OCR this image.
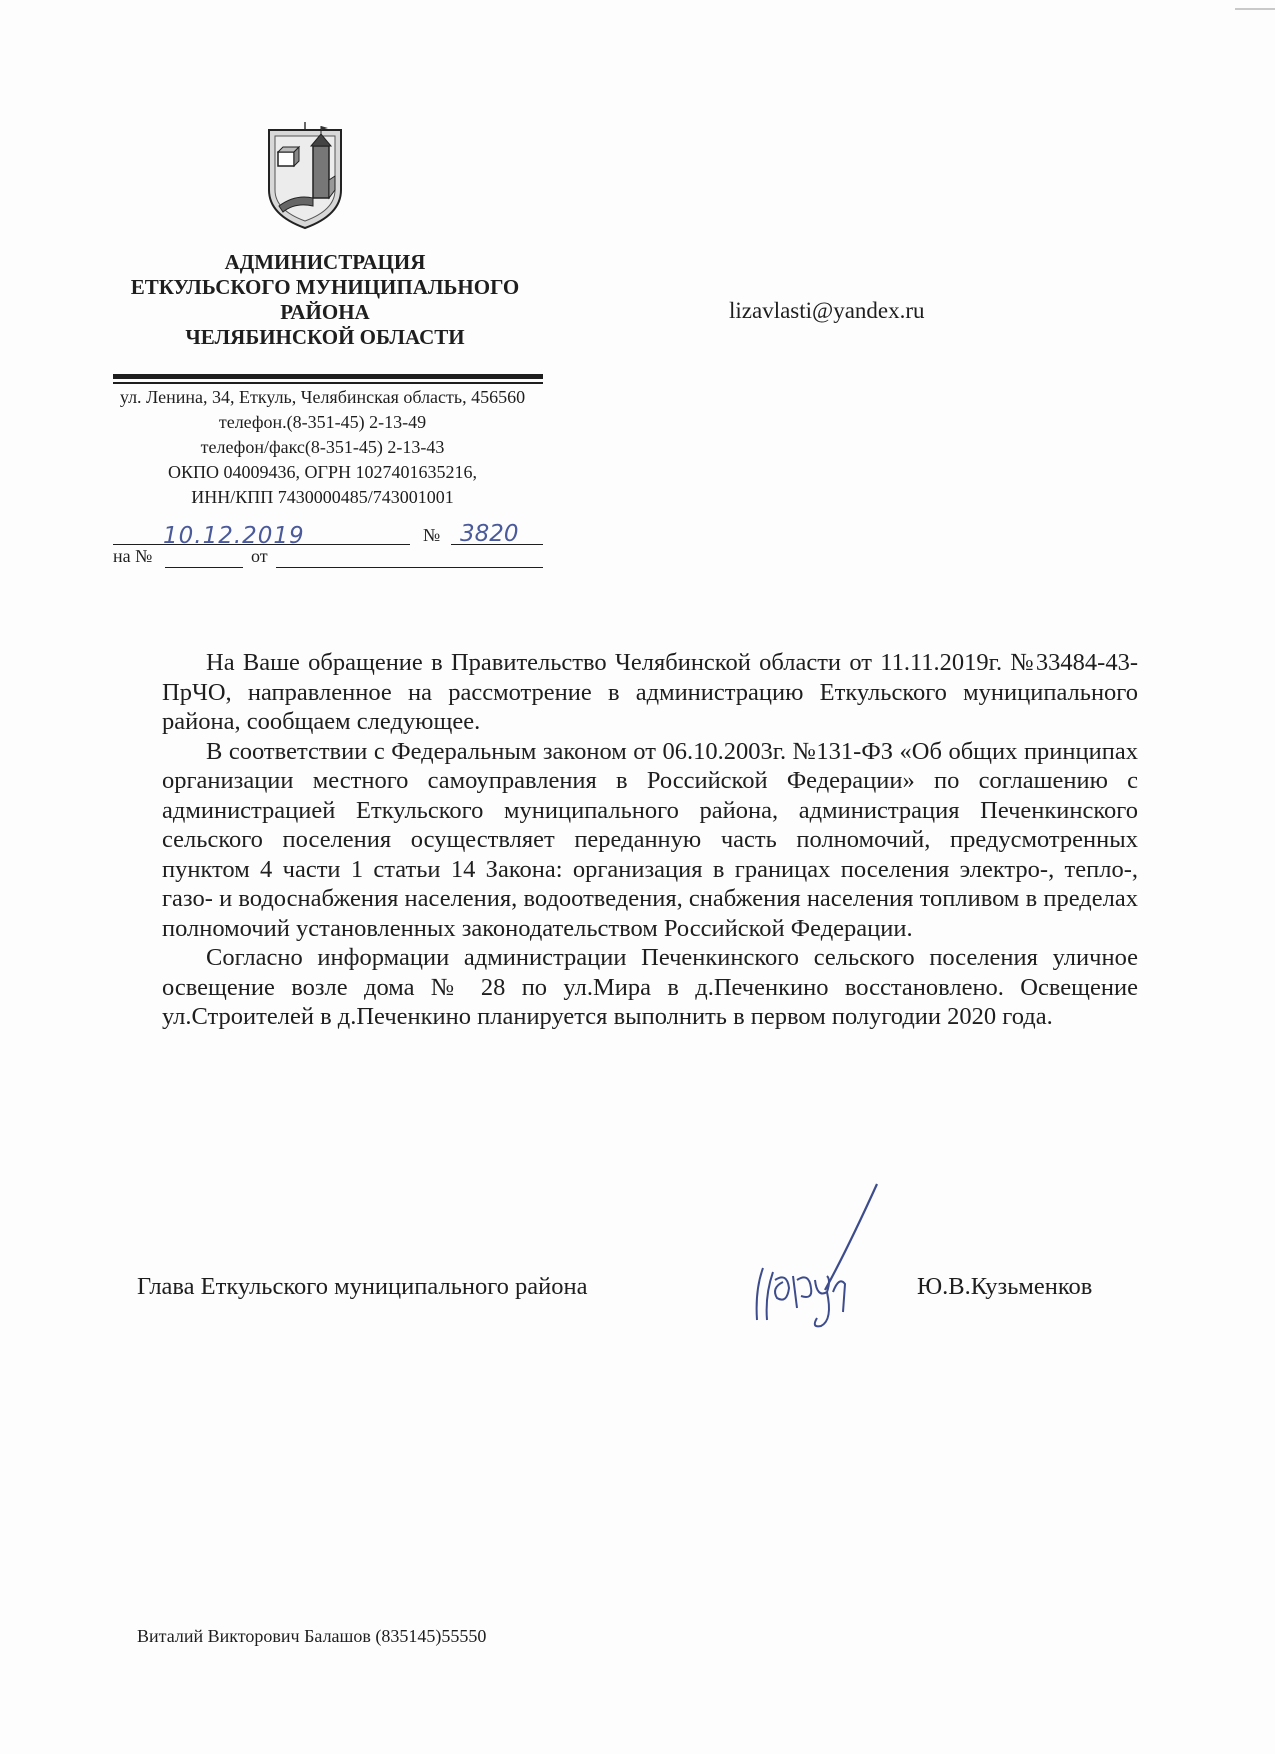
АДМИНИСТРАЦИЯ
ЕТКУЛЬСКОГО МУНИЦИПАЛЬНОГО
РАЙОНА
ЧЕЛЯБИНСКОЙ ОБЛАСТИ
ул. Ленина, 34, Еткуль, Челябинская область, 456560
телефон.(8-351-45) 2-13-49
телефон/факс(8-351-45) 2-13-43
ОКПО 04009436, ОГРН 1027401635216,
ИНН/КПП 7430000485/743001001
10.12.2019	№ 3820
на №	от
lizavlasti@yandex.ru

На Ваше обращение в Правительство Челябинской области от 11.11.2019г. №33484-43-ПрЧО, направленное на рассмотрение в администрацию Еткульского муниципального района, сообщаем следующее.

В соответствии с Федеральным законом от 06.10.2003г. №131-ФЗ «Об общих принципах организации местного самоуправления в Российской Федерации» по соглашению с администрацией Еткульского муниципального района, администрация Печенкинского сельского поселения осуществляет переданную часть полномочий, предусмотренных пунктом 4 части 1 статьи 14 Закона: организация в границах поселения электро-, тепло-, газо- и водоснабжения населения, водоотведения, снабжения населения топливом в пределах полномочий установленных законодательством Российской Федерации.

Согласно информации администрации Печенкинского сельского поселения уличное освещение возле дома № 28 по ул.Мира в д.Печенкино восстановлено. Освещение ул.Строителей в д.Печенкино планируется выполнить в первом полугодии 2020 года.

Глава Еткульского муниципального района	Ю.В.Кузьменков
Виталий Викторович Балашов (835145)55550
